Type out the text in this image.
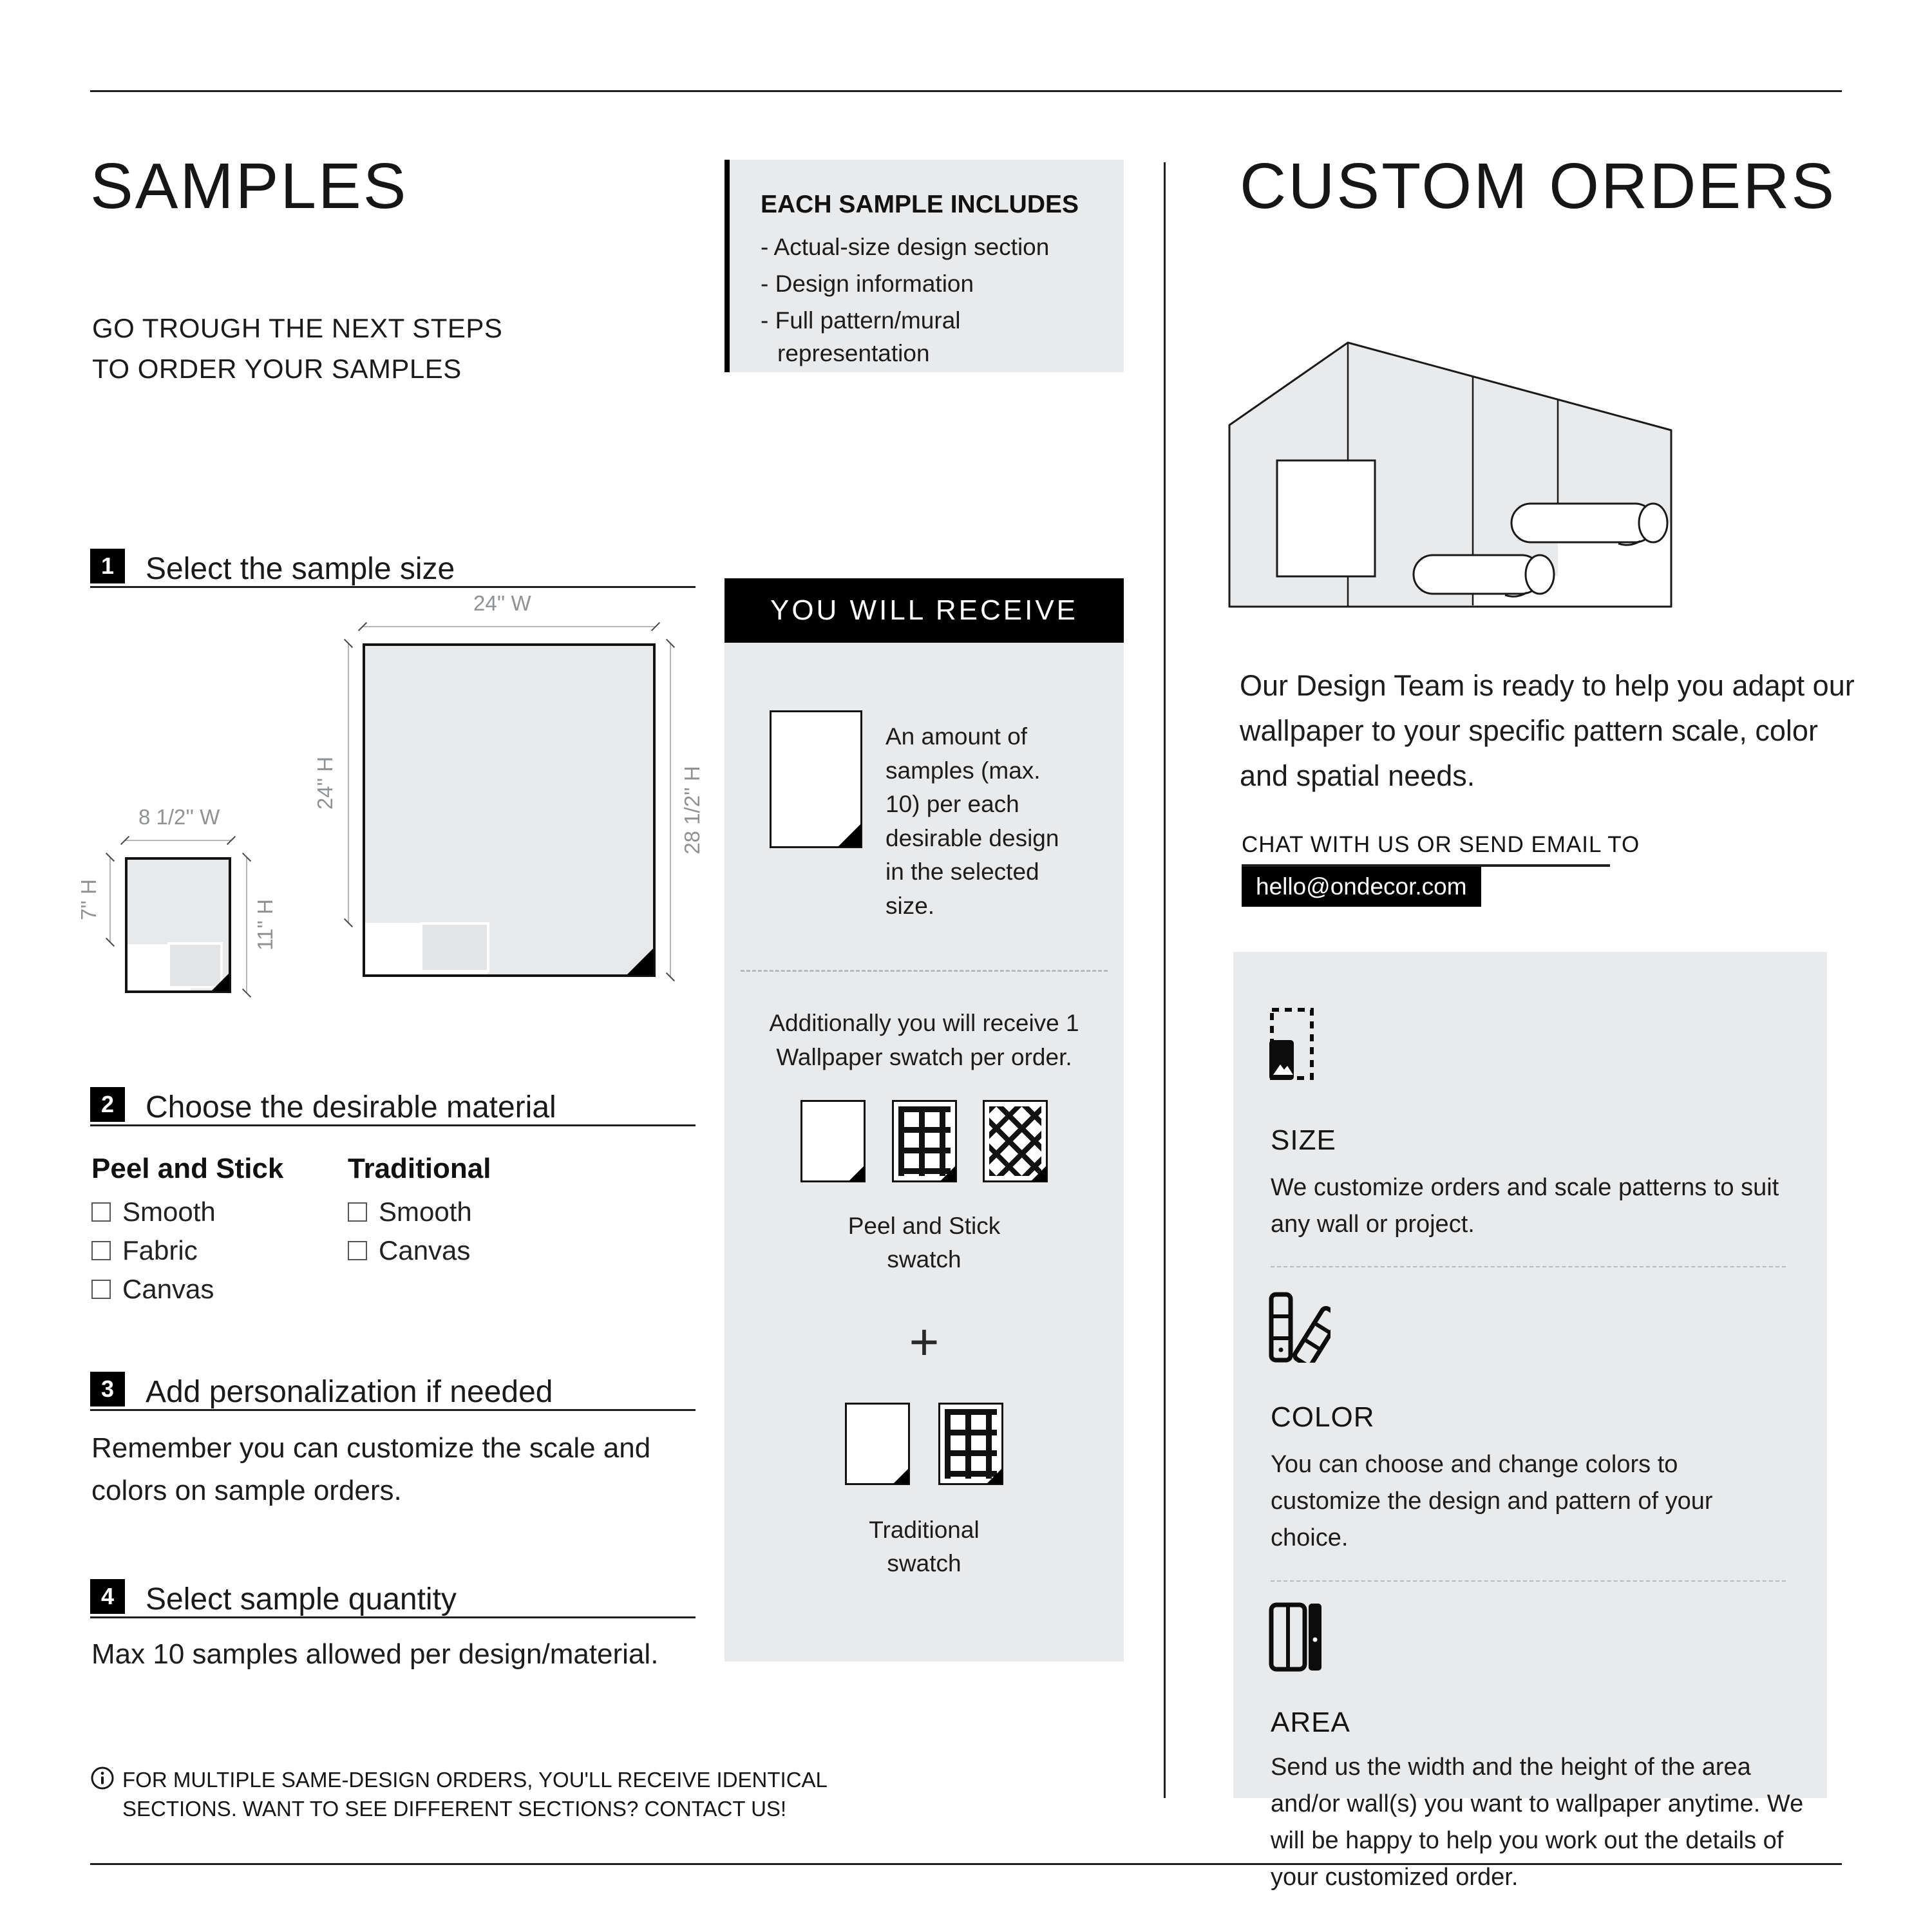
SAMPLES
GO TROUGH THE NEXT STEPS
TO ORDER YOUR SAMPLES
1	Select the sample size
8 1/2'' W
7'' H	11'' H
24'' W
24'' H	28 1/2'' H
2	Choose the desirable material
Peel and Stick Traditional
Smooth
Fabric
Canvas
Smooth
Canvas
3	Add personalization if needed
Remember you can customize the scale and colors on sample orders.
4	Select sample quantity
Max 10 samples allowed per design/material.
FOR MULTIPLE SAME-DESIGN ORDERS, YOU'LL RECEIVE IDENTICAL
SECTIONS. WANT TO SEE DIFFERENT SECTIONS? CONTACT US!
EACH SAMPLE INCLUDES
- Actual-size design section
- Design information
- Full pattern/mural representation
YOU WILL RECEIVE
An amount of samples (max. 10) per each desirable design in the selected size.
Additionally you will receive 1 Wallpaper swatch per order.

Peel and Stick
swatch
+

Traditional
swatch
CUSTOM ORDERS
Our Design Team is ready to help you adapt our wallpaper to your specific pattern scale, color and spatial needs.
CHAT WITH US OR SEND EMAIL TO
hello@ondecor.com
SIZE
We customize orders and scale patterns to suit any wall or project.
COLOR
You can choose and change colors to customize the design and pattern of your choice.
AREA
Send us the width and the height of the area and/or wall(s) you want to wallpaper anytime. We will be happy to help you work out the details of your customized order.
